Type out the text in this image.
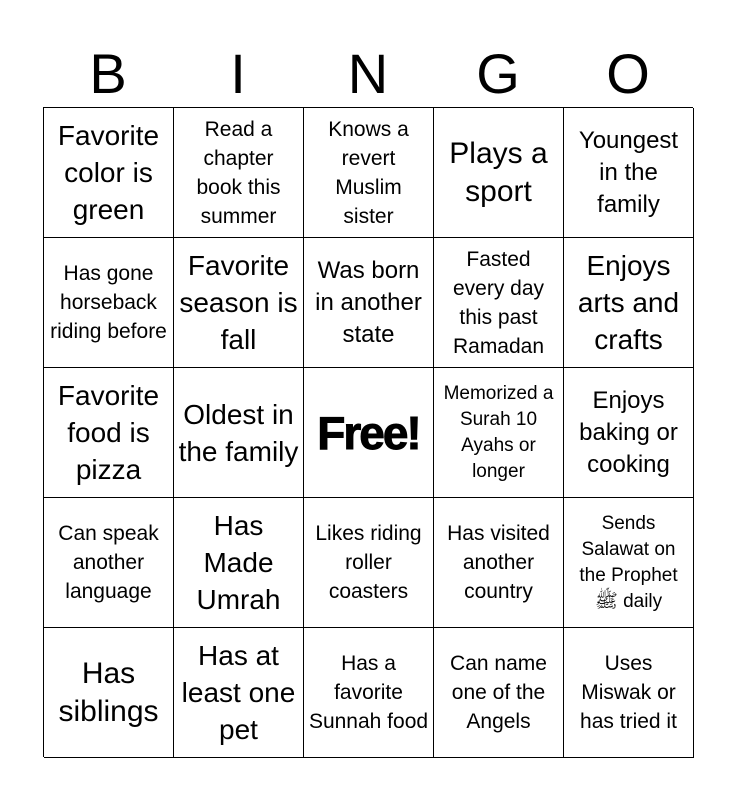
B	I	N	G	O
Favorite color is green
Read a chapter book this summer
Knows a revert Muslim sister
Plays a sport
Youngest in the family
Has gone horseback riding before
Favorite season is fall
Was born in another state
Fasted every day this past Ramadan
Enjoys arts and crafts
Favorite food is pizza
Oldest in the family Free!
Memorized a Surah 10 Ayahs or longer
Enjoys baking or cooking
Can speak another language
Has Made Umrah
Likes riding roller coasters
Has visited another country
Sends Salawat on the Prophet ﷺ daily
Has siblings
Has at least one pet
Has a favorite Sunnah food
Can name one of the Angels
Uses Miswak or has tried it
